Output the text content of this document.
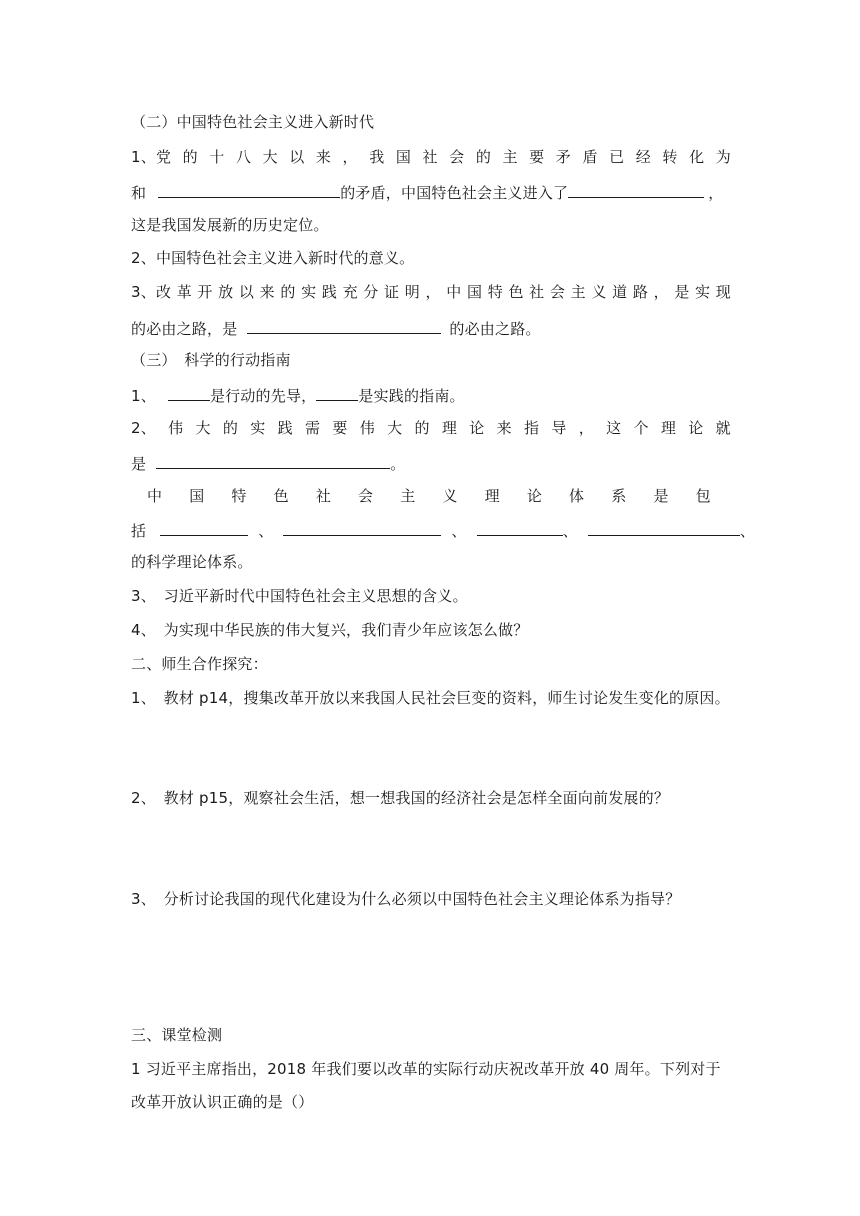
（二）中国特色社会主义进入新时代
1、党 的 十 八 大 以 来 ， 我 国 社 会 的 主 要 矛 盾 已 经 转 化 为
和	的矛盾，中国特色社会主义进入了	，
这是我国发展新的历史定位。
2、中国特色社会主义进入新时代的意义。
3、改 革 开 放 以 来 的 实 践 充 分 证 明 ， 中 国 特 色 社 会 主 义 道 路 ， 是 实 现
的必由之路，是	的必由之路。
（三）　科学的行动指南
1、	是行动的先导，	是实践的指南。
2、 伟 大 的 实 践 需 要 伟 大 的 理 论 来 指 导 ， 这 个 理 论 就
是	。
中 国 特 色 社 会 主 义 理 论 体 系 是 包
括	、	、	、	、
的科学理论体系。
3、　习近平新时代中国特色社会主义思想的含义。
4、　为实现中华民族的伟大复兴，我们青少年应该怎么做？
二、师生合作探究：
1、　教材 p14，搜集改革开放以来我国人民社会巨变的资料，师生讨论发生变化的原因。
2、　教材 p15，观察社会生活，想一想我国的经济社会是怎样全面向前发展的？
3、　分析讨论我国的现代化建设为什么必须以中国特色社会主义理论体系为指导？
三、课堂检测
1 习近平主席指出，2018 年我们要以改革的实际行动庆祝改革开放 40 周年。下列对于
改革开放认识正确的是（）
